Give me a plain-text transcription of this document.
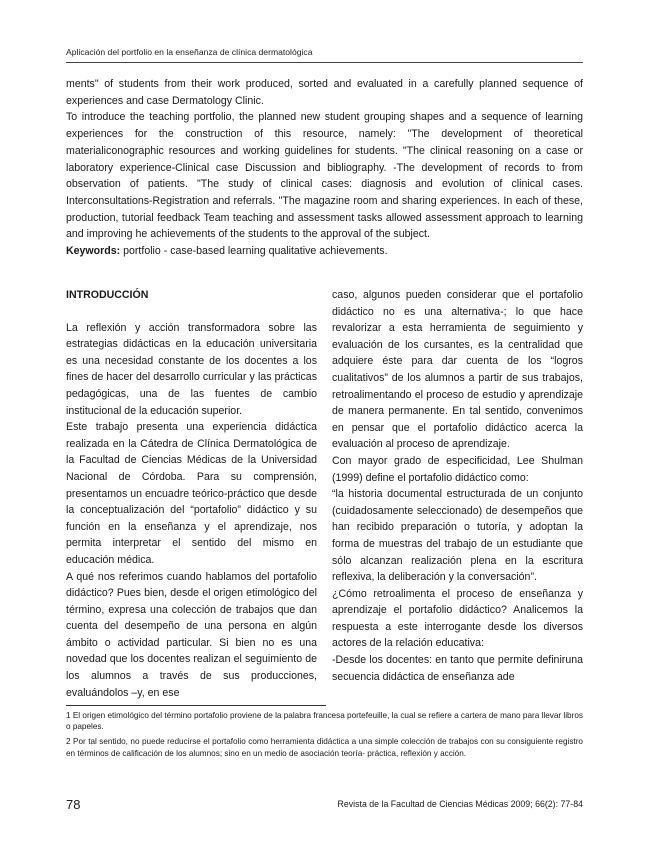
Aplicación del portfolio en la enseñanza de clínica dermatológica

ments" of students from their work produced, sorted and evaluated in a carefully planned sequence of experiences and case Dermatology Clinic.

To introduce the teaching portfolio, the planned new student grouping shapes and a sequence of learning experiences for the construction of this resource, namely: "The development of theoretical materialiconographic resources and working guidelines for students. "The clinical reasoning on a case or laboratory experience-Clinical case Discussion and bibliography. -The development of records to from observation of patients. "The study of clinical cases: diagnosis and evolution of clinical cases. Interconsultations-Registration and referrals. "The magazine room and sharing experiences. In each of these, production, tutorial feedback Team teaching and assessment tasks allowed assessment approach to learning and improving he achievements of the students to the approval of the subject.

Keywords: portfolio - case-based learning qualitative achievements.

INTRODUCCIÓN

La reflexión y acción transformadora sobre las estrategias didácticas en la educación universitaria es una necesidad constante de los docentes a los fines de hacer del desarrollo curricular y las prácticas pedagógicas, una de las fuentes de cambio institucional de la educación superior.

Este trabajo presenta una experiencia didáctica realizada en la Cátedra de Clínica Dermatológica de la Facultad de Ciencias Médicas de la Universidad Nacional de Córdoba. Para su comprensión, presentamos un encuadre teórico-práctico que desde la conceptualización del “portafolio” didáctico y su función en la enseñanza y el aprendizaje, nos permita interpretar el sentido del mismo en educación médica.

A qué nos referimos cuando hablamos del portafolio didáctico? Pues bien, desde el origen etimológico del término, expresa una colección de trabajos que dan cuenta del desempeño de una persona en algún ámbito o actividad particular. Si bien no es una novedad que los docentes realizan el seguimiento de los alumnos a través de sus producciones, evaluándolos –y, en ese

caso, algunos pueden considerar que el portafolio didáctico no es una alternativa-; lo que hace revalorizar a esta herramienta de seguimiento y evaluación de los cursantes, es la centralidad que adquiere éste para dar cuenta de los “logros cualitativos” de los alumnos a partir de sus trabajos, retroalimentando el proceso de estudio y aprendizaje de manera permanente. En tal sentido, convenimos en pensar que el portafolio didáctico acerca la evaluación al proceso de aprendizaje.

Con mayor grado de especificidad, Lee Shulman (1999) define el portafolio didáctico como:

“la historia documental estructurada de un conjunto (cuidadosamente seleccionado) de desempeños que han recibido preparación o tutoría, y adoptan la forma de muestras del trabajo de un estudiante que sólo alcanzan realización plena en la escritura reflexiva, la deliberación y la conversación”.

¿Cómo retroalimenta el proceso de enseñanza y aprendizaje el portafolio didáctico? Analicemos la respuesta a este interrogante desde los diversos actores de la relación educativa:

-Desde los docentes: en tanto que permite definiruna secuencia didáctica de enseñanza ade

1 El origen etimológico del término portafolio proviene de la palabra francesa portefeuille, la cual se refiere a cartera de mano para llevar libros o papeles.

2 Por tal sentido, no puede reducirse el portafolio como herramienta didáctica a una simple colección de trabajos con su consiguiente registro en términos de calificación de los alumnos; sino en un medio de asociación teoría- práctica, reflexión y acción.

78	Revista de la Facultad de Ciencias Médicas 2009; 66(2): 77-84
